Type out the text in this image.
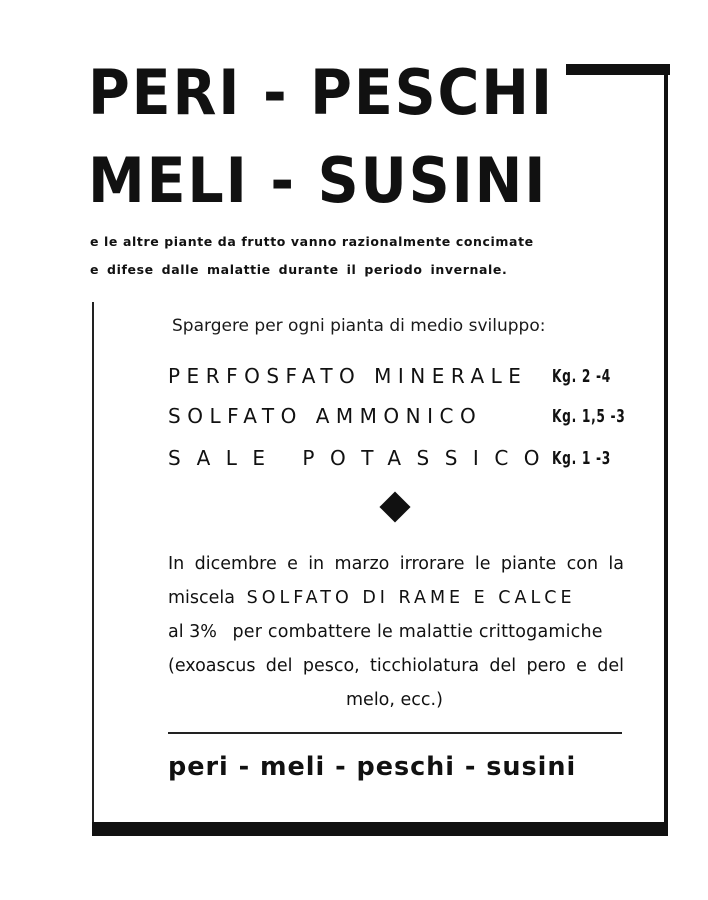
PERI - PESCHI
MELI - SUSINI
e le altre piante da frutto vanno razionalmente concimate
e difese dalle malattie durante il periodo invernale.
Spargere per ogni pianta di medio sviluppo:
PERFOSFATO MINERALE Kg. 2 -4
SOLFATO AMMONICO	Kg. 1,5 -3
SALE POTASSICO
Kg. 1 -3
In dicembre e in marzo irrorare le piante con la
miscela SOLFATO DI RAME E CALCE
al 3% per combattere le malattie crittogamiche
(exoascus del pesco, ticchiolatura del pero e del
melo, ecc.)
peri - meli - peschi - susini
